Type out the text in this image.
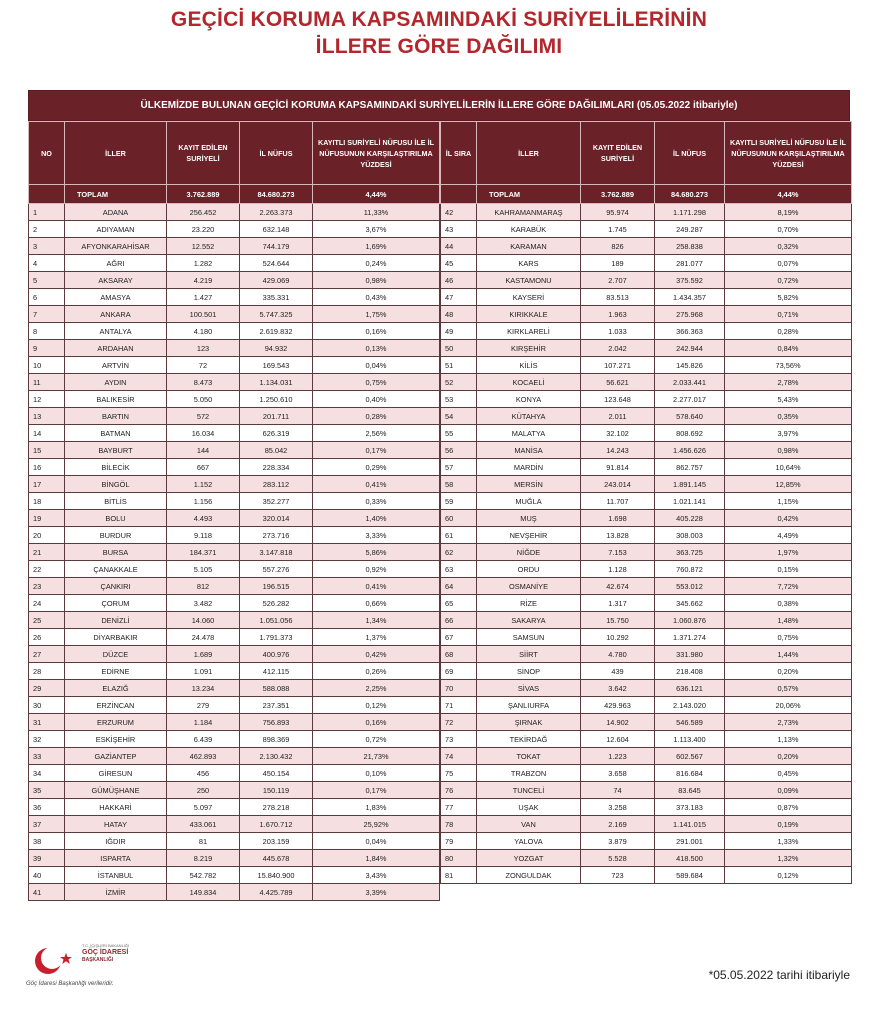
GEÇİCİ KORUMA KAPSAMINDAKİ SURİYELİLERİNİN
İLLERE GÖRE DAĞILIMI
ÜLKEMİZDE BULUNAN GEÇİCİ KORUMA KAPSAMINDAKİ SURİYELİLERİN İLLERE GÖRE DAĞILIMLARI (05.05.2022 itibariyle)
NO	İLLER	KAYIT EDİLEN SURİYELİ	İL NÜFUS	KAYITLI SURİYELİ NÜFUSU İLE İL NÜFUSUNUN KARŞILAŞTIRILMA YÜZDESİ
	TOPLAM	3.762.889	84.680.273	4,44%
1	ADANA	256.452	2.263.373	11,33%
2	ADIYAMAN	23.220	632.148	3,67%
3	AFYONKARAHİSAR	12.552	744.179	1,69%
4	AĞRI	1.282	524.644	0,24%
5	AKSARAY	4.219	429.069	0,98%
6	AMASYA	1.427	335.331	0,43%
7	ANKARA	100.501	5.747.325	1,75%
8	ANTALYA	4.180	2.619.832	0,16%
9	ARDAHAN	123	94.932	0,13%
10	ARTVİN	72	169.543	0,04%
11	AYDIN	8.473	1.134.031	0,75%
12	BALIKESİR	5.050	1.250.610	0,40%
13	BARTIN	572	201.711	0,28%
14	BATMAN	16.034	626.319	2,56%
15	BAYBURT	144	85.042	0,17%
16	BİLECİK	667	228.334	0,29%
17	BİNGÖL	1.152	283.112	0,41%
18	BİTLİS	1.156	352.277	0,33%
19	BOLU	4.493	320.014	1,40%
20	BURDUR	9.118	273.716	3,33%
21	BURSA	184.371	3.147.818	5,86%
22	ÇANAKKALE	5.105	557.276	0,92%
23	ÇANKIRI	812	196.515	0,41%
24	ÇORUM	3.482	526.282	0,66%
25	DENİZLİ	14.060	1.051.056	1,34%
26	DİYARBAKIR	24.478	1.791.373	1,37%
27	DÜZCE	1.689	400.976	0,42%
28	EDİRNE	1.091	412.115	0,26%
29	ELAZIĞ	13.234	588.088	2,25%
30	ERZİNCAN	279	237.351	0,12%
31	ERZURUM	1.184	756.893	0,16%
32	ESKİŞEHİR	6.439	898.369	0,72%
33	GAZİANTEP	462.893	2.130.432	21,73%
34	GİRESUN	456	450.154	0,10%
35	GÜMÜŞHANE	250	150.119	0,17%
36	HAKKARİ	5.097	278.218	1,83%
37	HATAY	433.061	1.670.712	25,92%
38	IĞDIR	81	203.159	0,04%
39	ISPARTA	8.219	445.678	1,84%
40	İSTANBUL	542.782	15.840.900	3,43%
41	İZMİR	149.834	4.425.789	3,39%
İL SIRA	İLLER	KAYIT EDİLEN SURİYELİ	İL NÜFUS	KAYITLI SURİYELİ NÜFUSU İLE İL NÜFUSUNUN KARŞILAŞTIRILMA YÜZDESİ
	TOPLAM	3.762.889	84.680.273	4,44%
42	KAHRAMANMARAŞ	95.974	1.171.298	8,19%
43	KARABÜK	1.745	249.287	0,70%
44	KARAMAN	826	258.838	0,32%
45	KARS	189	281.077	0,07%
46	KASTAMONU	2.707	375.592	0,72%
47	KAYSERİ	83.513	1.434.357	5,82%
48	KIRIKKALE	1.963	275.968	0,71%
49	KIRKLARELİ	1.033	366.363	0,28%
50	KIRŞEHİR	2.042	242.944	0,84%
51	KİLİS	107.271	145.826	73,56%
52	KOCAELİ	56.621	2.033.441	2,78%
53	KONYA	123.648	2.277.017	5,43%
54	KÜTAHYA	2.011	578.640	0,35%
55	MALATYA	32.102	808.692	3,97%
56	MANİSA	14.243	1.456.626	0,98%
57	MARDİN	91.814	862.757	10,64%
58	MERSİN	243.014	1.891.145	12,85%
59	MUĞLA	11.707	1.021.141	1,15%
60	MUŞ	1.698	405.228	0,42%
61	NEVŞEHİR	13.828	308.003	4,49%
62	NİĞDE	7.153	363.725	1,97%
63	ORDU	1.128	760.872	0,15%
64	OSMANİYE	42.674	553.012	7,72%
65	RİZE	1.317	345.662	0,38%
66	SAKARYA	15.750	1.060.876	1,48%
67	SAMSUN	10.292	1.371.274	0,75%
68	SİİRT	4.780	331.980	1,44%
69	SİNOP	439	218.408	0,20%
70	SİVAS	3.642	636.121	0,57%
71	ŞANLIURFA	429.963	2.143.020	20,06%
72	ŞIRNAK	14.902	546.589	2,73%
73	TEKİRDAĞ	12.604	1.113.400	1,13%
74	TOKAT	1.223	602.567	0,20%
75	TRABZON	3.658	816.684	0,45%
76	TUNCELİ	74	83.645	0,09%
77	UŞAK	3.258	373.183	0,87%
78	VAN	2.169	1.141.015	0,19%
79	YALOVA	3.879	291.001	1,33%
80	YOZGAT	5.528	418.500	1,32%
81	ZONGULDAK	723	589.684	0,12%
T.C. İÇİŞLERİ BAKANLIĞI
GÖÇ İDARESİ
BAŞKANLIĞI
Göç İdaresi Başkanlığı verileridir.
*05.05.2022 tarihi itibariyle
